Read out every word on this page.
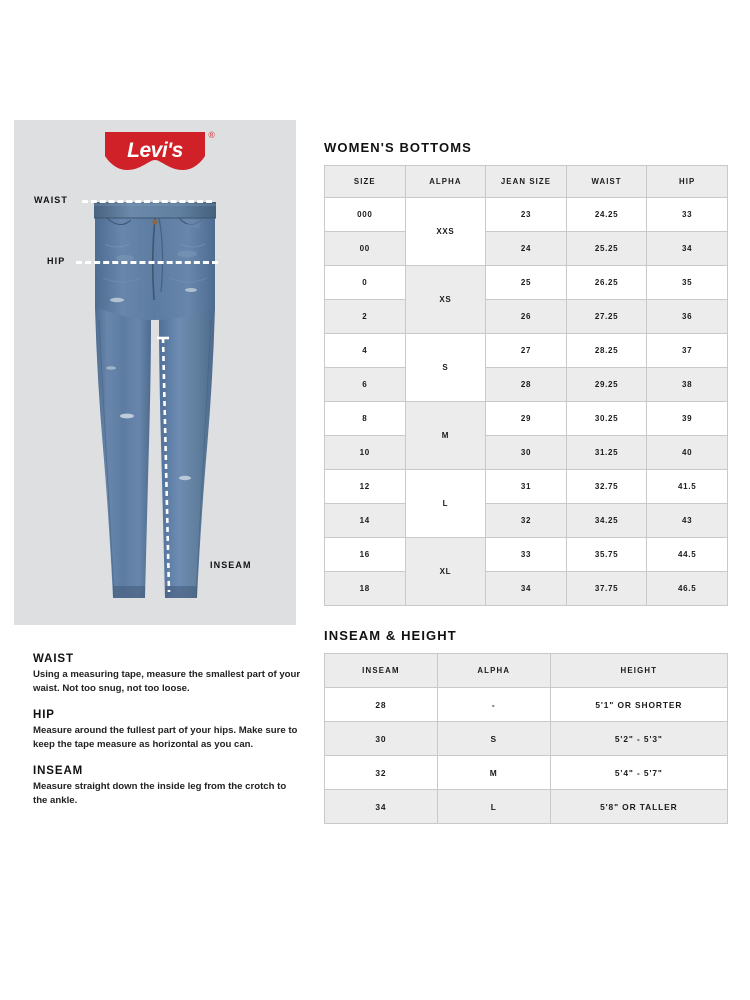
Levi's
®
WAIST
HIP
INSEAM
WAIST
Using a measuring tape, measure the smallest part of your waist. Not too snug, not too loose.
HIP
Measure around the fullest part of your hips. Make sure to keep the tape measure as horizontal as you can.
INSEAM
Measure straight down the inside leg from the crotch to the ankle.
WOMEN'S BOTTOMS
SIZE	ALPHA	JEAN SIZE	WAIST	HIP
000	XXS	23	24.25	33
00		24	25.25	34
0	XS	25	26.25	35
2		26	27.25	36
4	S	27	28.25	37
6		28	29.25	38
8	M	29	30.25	39
10		30	31.25	40
12	L	31	32.75	41.5
14		32	34.25	43
16	XL	33	35.75	44.5
18		34	37.75	46.5
INSEAM & HEIGHT
INSEAM	ALPHA	HEIGHT
28	-	5'1" OR SHORTER
30	S	5'2" - 5'3"
32	M	5'4" - 5'7"
34	L	5'8" OR TALLER
